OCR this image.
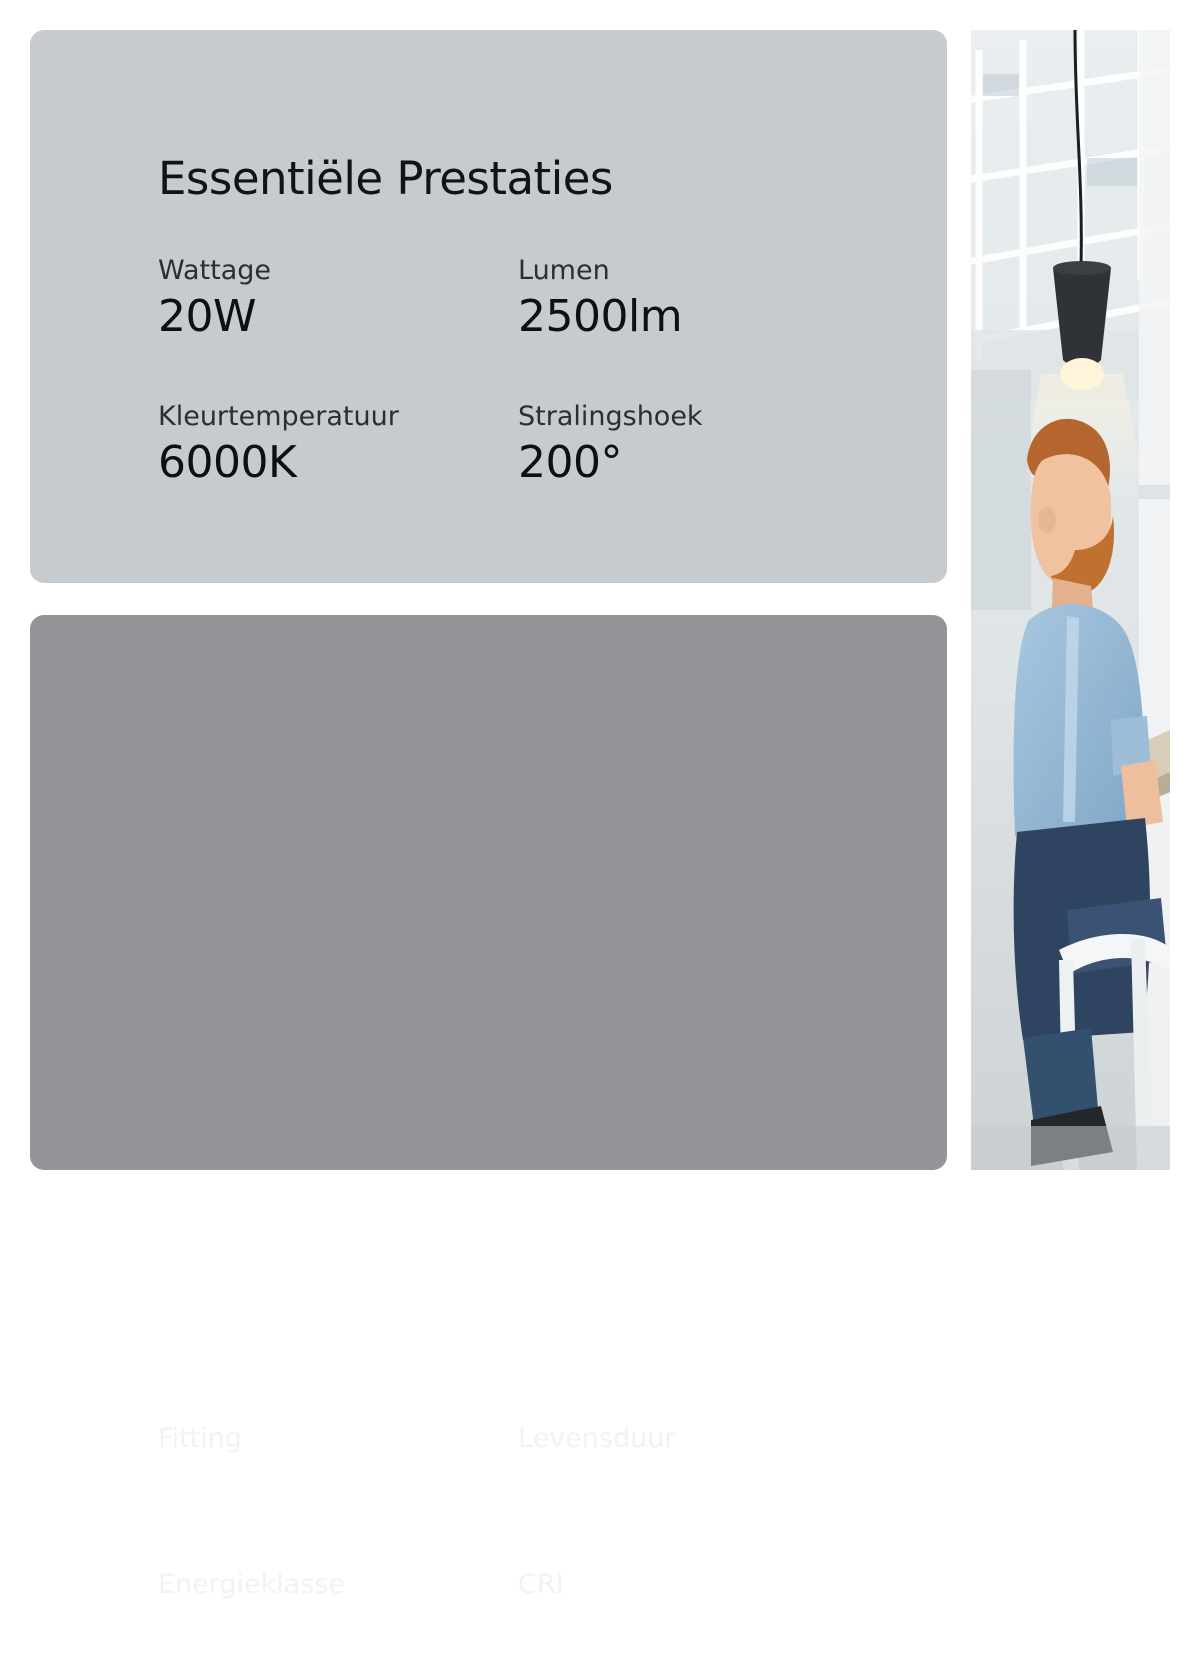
Essentiële Prestaties
Wattage
20W
Lumen
2500lm
Kleurtemperatuur
6000K
Stralingshoek
200°
Gebruik & Installatie
Fitting
E27
Levensduur
25000 uur
Energieklasse
E
CRI
>80
